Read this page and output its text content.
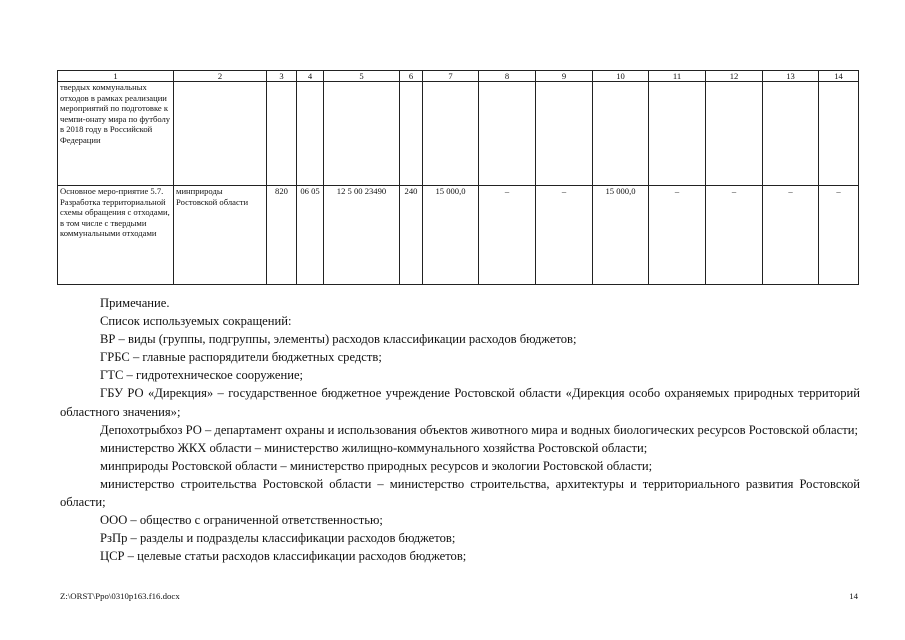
1	2	3	4	5	6	7	8	9	10	11	12	13	14
твердых коммунальных отходов в рамках реализации мероприятий по подготовке к чемпи-онату мира по футболу в 2018 году в Российской Федерации													
Основное меро-приятие 5.7. Разработка территориальной схемы обращения с отходами, в том числе с твердыми коммунальными отходами	минприроды Ростовской области	820	06 05	12 5 00 23490	240	15 000,0	–	–	15 000,0	–	–	–	–

Примечание.

Список используемых сокращений:

ВР – виды (группы, подгруппы, элементы) расходов классификации расходов бюджетов;

ГРБС – главные распорядители бюджетных средств;

ГТС – гидротехническое сооружение;

ГБУ РО «Дирекция» – государственное бюджетное учреждение Ростовской области «Дирекция особо охраняемых природных территорий областного значения»;

Депохотрыбхоз РО – департамент охраны и использования объектов животного мира и водных биологических ресурсов Ростовской области;

министерство ЖКХ области – министерство жилищно-коммунального хозяйства Ростовской области;

минприроды Ростовской области – министерство природных ресурсов и экологии Ростовской области;

министерство строительства Ростовской области – министерство строительства, архитектуры и территориального развития Ростовской области;

ООО – общество с ограниченной ответственностью;

РзПр – разделы и подразделы классификации расходов бюджетов;

ЦСР – целевые статьи расходов классификации расходов бюджетов;

Z:\ORST\Ppo\0310p163.f16.docx	14
